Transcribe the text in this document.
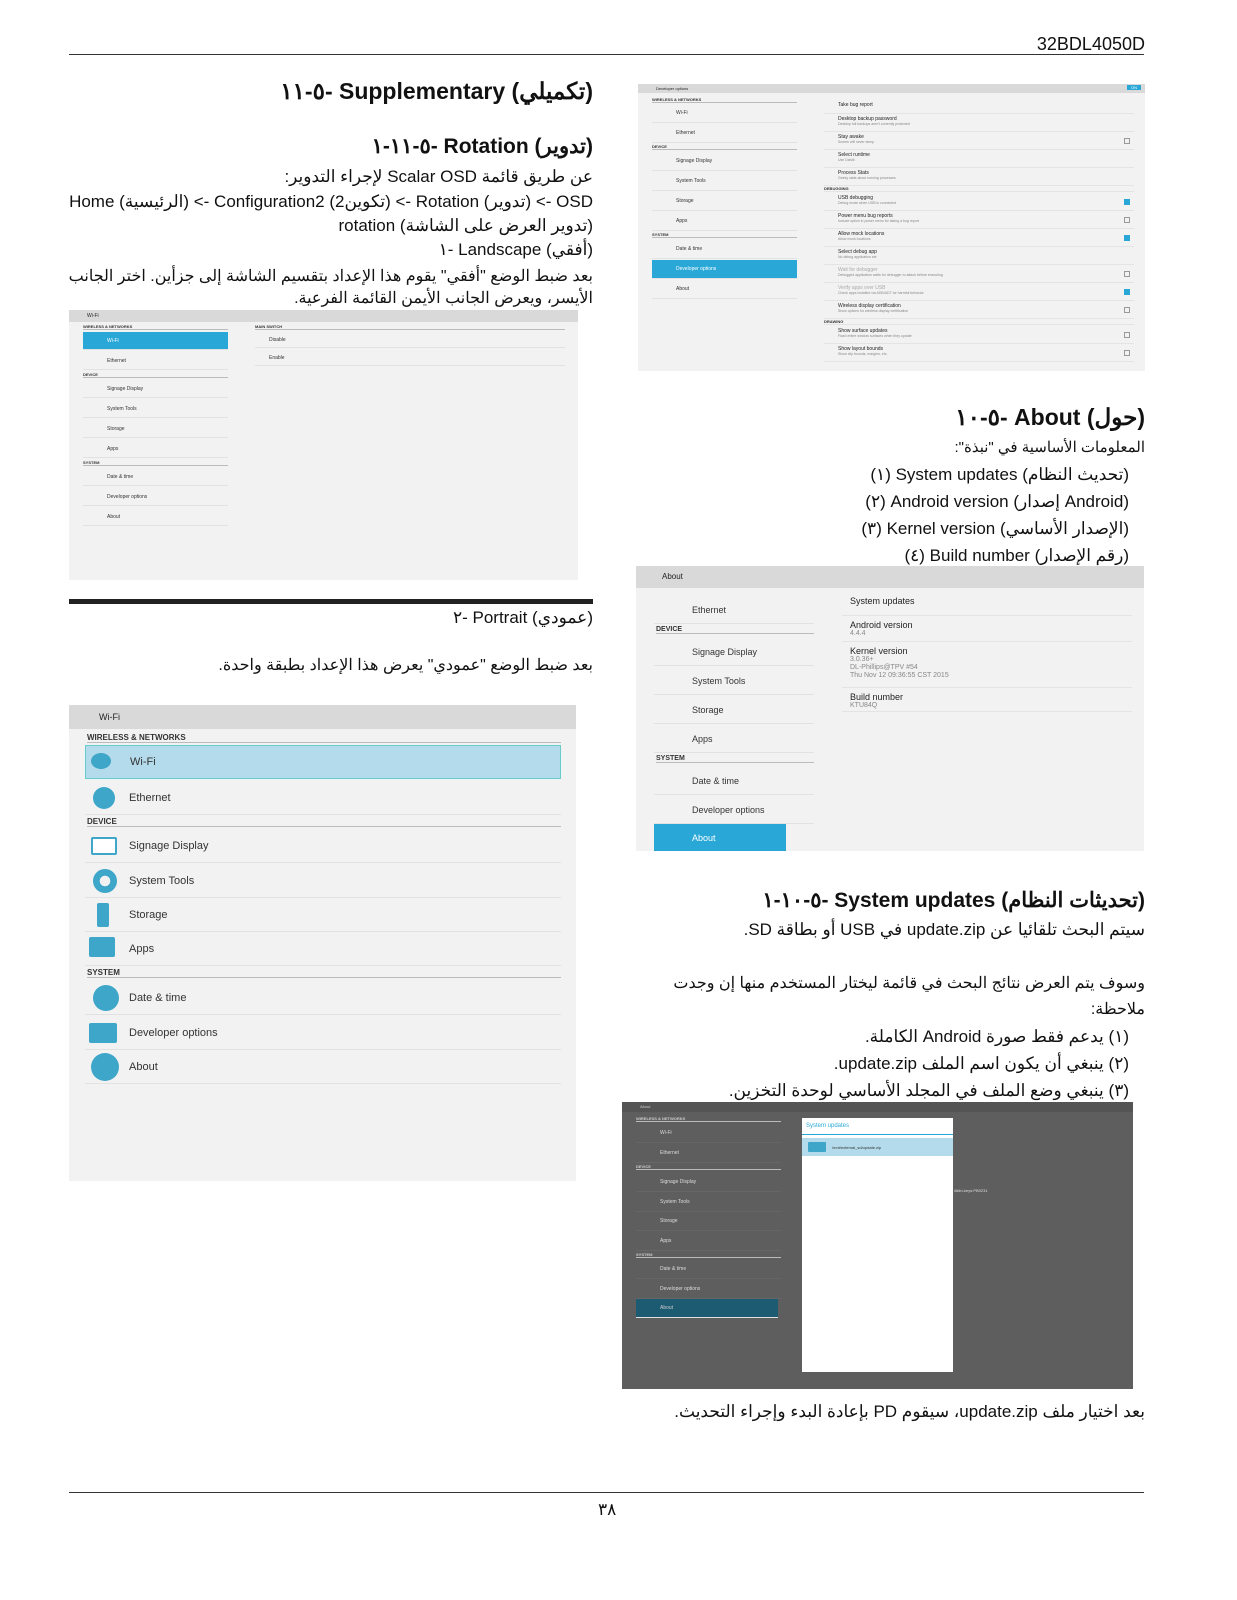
32BDL4050D
٥-١١- Supplementary (تكميلي)
٥-١١-١- Rotation (تدوير)
عن طريق قائمة Scalar OSD لإجراء التدوير:
Home (الرئيسية) <- Configuration2 (تكوين2) <- Rotation (تدوير) <- OSD rotation (تدوير العرض على الشاشة)
١- Landscape (أفقي)
بعد ضبط الوضع "أفقي" يقوم هذا الإعداد بتقسيم الشاشة إلى جزأين. اختر الجانب الأيسر، ويعرض الجانب الأيمن القائمة الفرعية.
Wi-Fi
WIRELESS & NETWORKS
Wi-Fi
Ethernet
DEVICE
Signage Display
System Tools
Storage
Apps
SYSTEM
Date & time
Developer options
About
MAIN SWITCH
Disable
Enable
٢- Portrait (عمودي)
بعد ضبط الوضع "عمودي" يعرض هذا الإعداد بطبقة واحدة.
Wi-Fi
WIRELESS & NETWORKS
Wi-Fi
Ethernet
DEVICE
Signage Display
System Tools
Storage
Apps
SYSTEM
Date & time
Developer options
About
Developer options	ON
WIRELESS & NETWORKS
Wi-Fi
Ethernet
DEVICE
Signage Display
System Tools
Storage
Apps
SYSTEM
Date & time
Developer options
About
Take bug report
Desktop backup password
Desktop full backups aren't currently protected
Stay awake
Screen will never sleep
Select runtime
Use Dalvik
Process Stats
Geeky stats about running processes
DEBUGGING
USB debugging
Debug mode when USB is connected
Power menu bug reports
Include option in power menu for taking a bug report
Allow mock locations
Allow mock locations
Select debug app
No debug application set
Wait for debugger
Debugged application waits for debugger to attach before executing
Verify apps over USB
Check apps installed via ADB/ADT for harmful behavior.
Wireless display certification
Show options for wireless display certification
DRAWING
Show surface updates
Flash entire window surfaces when they update
Show layout bounds
Show clip bounds, margins, etc.
٥-١٠- About (حول)
المعلومات الأساسية في "نبذة":
(١) System updates (تحديث النظام)
(٢) Android version (إصدار Android)
(٣) Kernel version (الإصدار الأساسي)
(٤) Build number (رقم الإصدار)
About
Ethernet
DEVICE
Signage Display
System Tools
Storage
Apps
SYSTEM
Date & time
Developer options
About
System updates
Android version
4.4.4
Kernel version
3.0.36+
DL-Phillips@TPV #54
Thu Nov 12 09:36:55 CST 2015
Build number
KTU84Q
٥-١٠-١- System updates (تحديثات النظام)
سيتم البحث تلقائيا عن update.zip في USB أو بطاقة SD.
وسوف يتم العرض نتائج البحث في قائمة ليختار المستخدم منها إن وجدت
ملاحظة:
(١) يدعم فقط صورة Android الكاملة.
(٢) ينبغي أن يكون اسم الملف update.zip.
(٣) ينبغي وضع الملف في المجلد الأساسي لوحدة التخزين.
About
WIRELESS & NETWORKS
Wi-Fi
Ethernet
DEVICE
Signage Display
System Tools
Storage
Apps
SYSTEM
Date & time
Developer options
About
iliklin-keys:PB9231
System updates
/mnt/external_sd/update.zip
بعد اختيار ملف update.zip، سيقوم PD بإعادة البدء وإجراء التحديث.
٣٨
